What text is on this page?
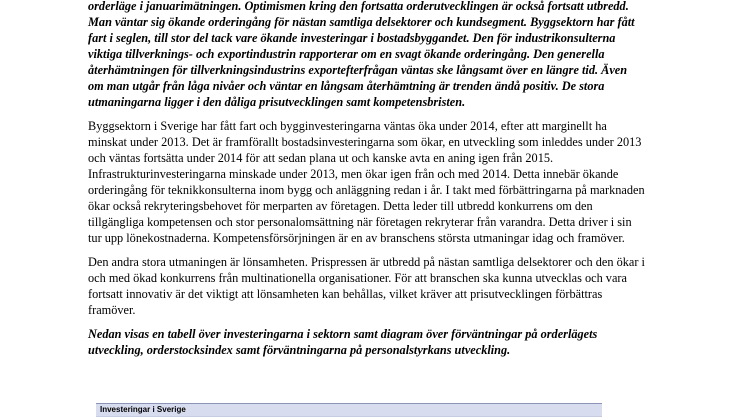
orderläge i januarimätningen. Optimismen kring den fortsatta orderutvecklingen är också fortsatt utbredd.
Man väntar sig ökande orderingång för nästan samtliga delsektorer och kundsegment. Byggsektorn har fått
fart i seglen, till stor del tack vare ökande investeringar i bostadsbyggandet. Den för industrikonsulterna
viktiga tillverknings- och exportindustrin rapporterar om en svagt ökande orderingång. Den generella
återhämtningen för tillverkningsindustrins exportefterfrågan väntas ske långsamt över en längre tid. Även
om man utgår från låga nivåer och väntar en långsam återhämtning är trenden ändå positiv. De stora
utmaningarna ligger i den dåliga prisutvecklingen samt kompetensbristen.

Byggsektorn i Sverige har fått fart och bygginvesteringarna väntas öka under 2014, efter att marginellt ha
minskat under 2013. Det är framförallt bostadsinvesteringarna som ökar, en utveckling som inleddes under 2013
och väntas fortsätta under 2014 för att sedan plana ut och kanske avta en aning igen från 2015.
Infrastrukturinvesteringarna minskade under 2013, men ökar igen från och med 2014. Detta innebär ökande
orderingång för teknikkonsulterna inom bygg och anläggning redan i år. I takt med förbättringarna på marknaden
ökar också rekryteringsbehovet för merparten av företagen. Detta leder till utbredd konkurrens om den
tillgängliga kompetensen och stor personalomsättning när företagen rekryterar från varandra. Detta driver i sin
tur upp lönekostnaderna. Kompetensförsörjningen är en av branschens största utmaningar idag och framöver.

Den andra stora utmaningen är lönsamheten. Prispressen är utbredd på nästan samtliga delsektorer och den ökar i
och med ökad konkurrens från multinationella organisationer. För att branschen ska kunna utvecklas och vara
fortsatt innovativ är det viktigt att lönsamheten kan behållas, vilket kräver att prisutvecklingen förbättras
framöver.

Nedan visas en tabell över investeringarna i sektorn samt diagram över förväntningar på orderlägets
utveckling, orderstocksindex samt förväntningarna på personalstyrkans utveckling.

Investeringar i Sverige
